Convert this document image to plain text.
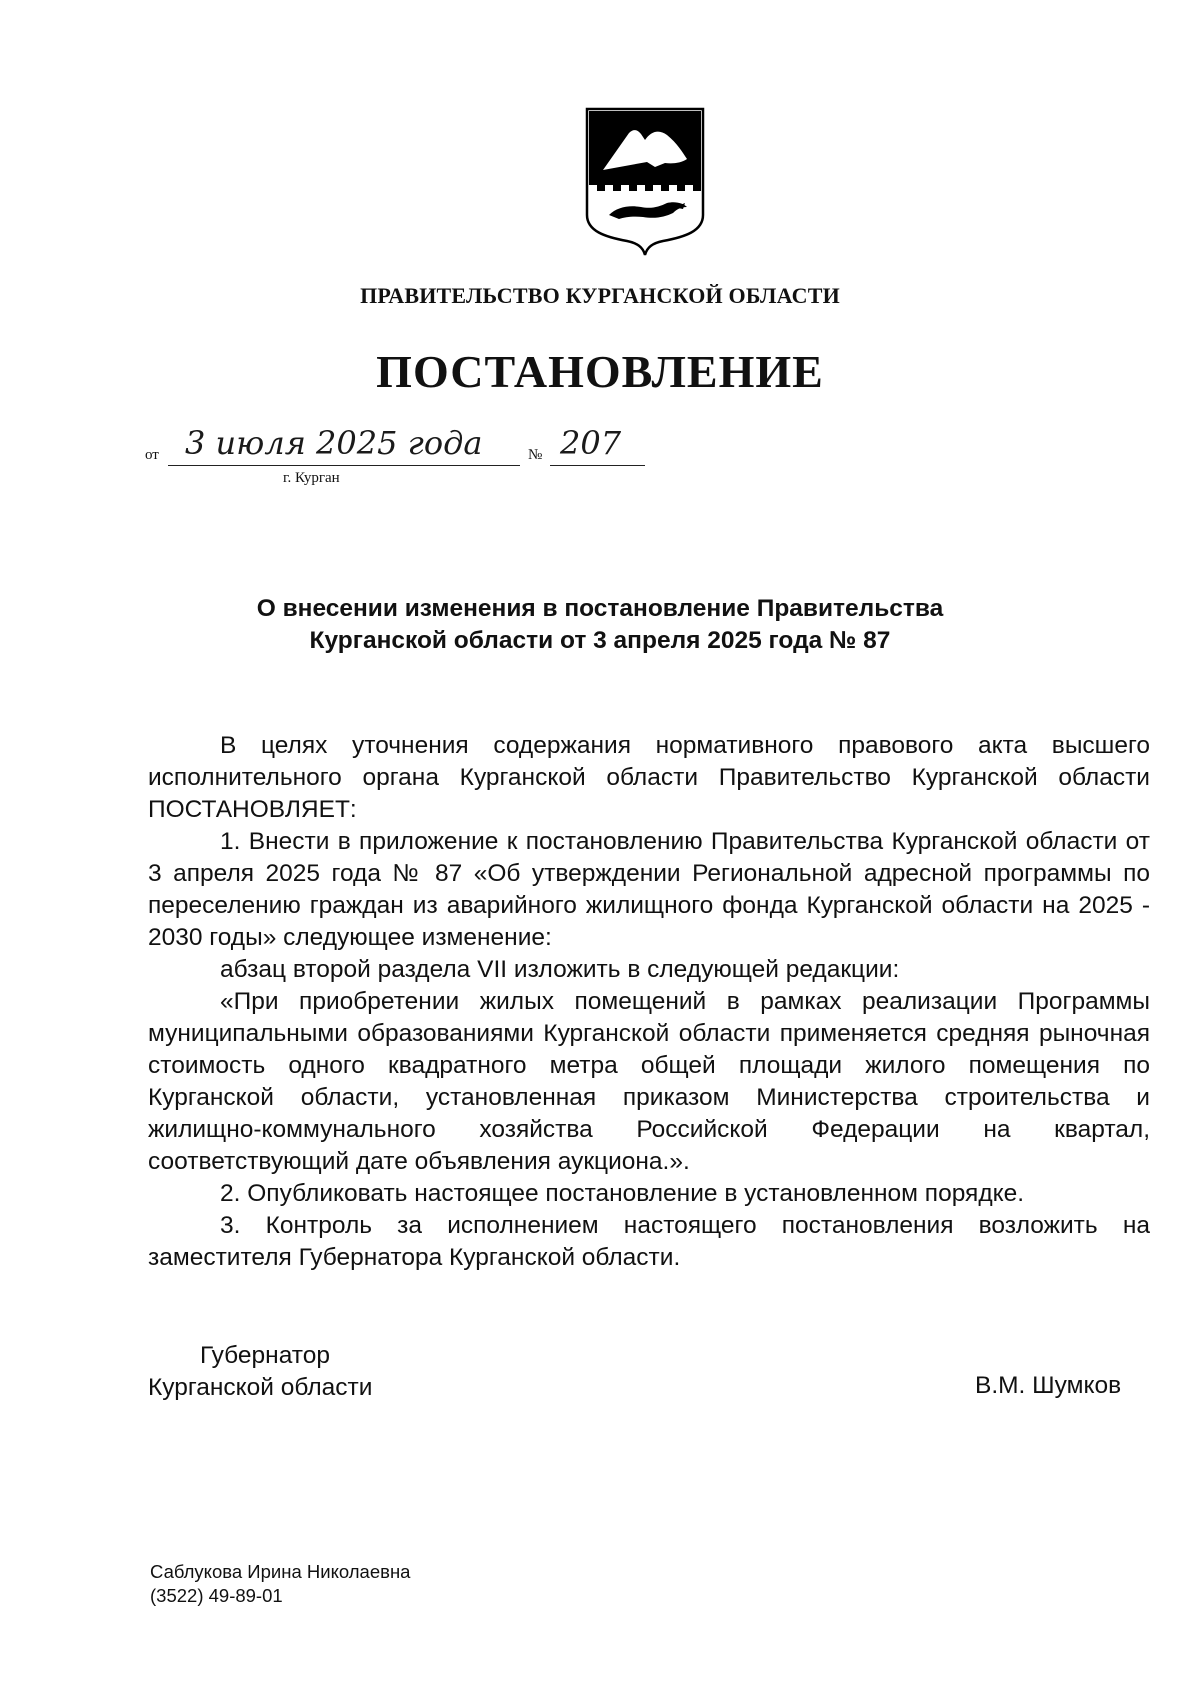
ПРАВИТЕЛЬСТВО КУРГАНСКОЙ ОБЛАСТИ
ПОСТАНОВЛЕНИЕ
от 3 июля 2025 года	№ 207
г. Курган
О внесении изменения в постановление Правительства
Курганской области от 3 апреля 2025 года № 87

В целях уточнения содержания нормативного правового акта высшего исполнительного органа Курганской области Правительство Курганской области ПОСТАНОВЛЯЕТ:

1. Внести в приложение к постановлению Правительства Курганской области от 3 апреля 2025 года № 87 «Об утверждении Региональной адресной программы по переселению граждан из аварийного жилищного фонда Курганской области на 2025 - 2030 годы» следующее изменение:

абзац второй раздела VII изложить в следующей редакции:

«При приобретении жилых помещений в рамках реализации Программы муниципальными образованиями Курганской области применяется средняя рыночная стоимость одного квадратного метра общей площади жилого помещения по Курганской области, установленная приказом Министерства строительства и жилищно-коммунального хозяйства Российской Федерации на квартал, соответствующий дате объявления аукциона.».

2. Опубликовать настоящее постановление в установленном порядке.

3. Контроль за исполнением настоящего постановления возложить на заместителя Губернатора Курганской области.

Губернатор
Курганской области	В.М. Шумков
Саблукова Ирина Николаевна
(3522) 49-89-01
